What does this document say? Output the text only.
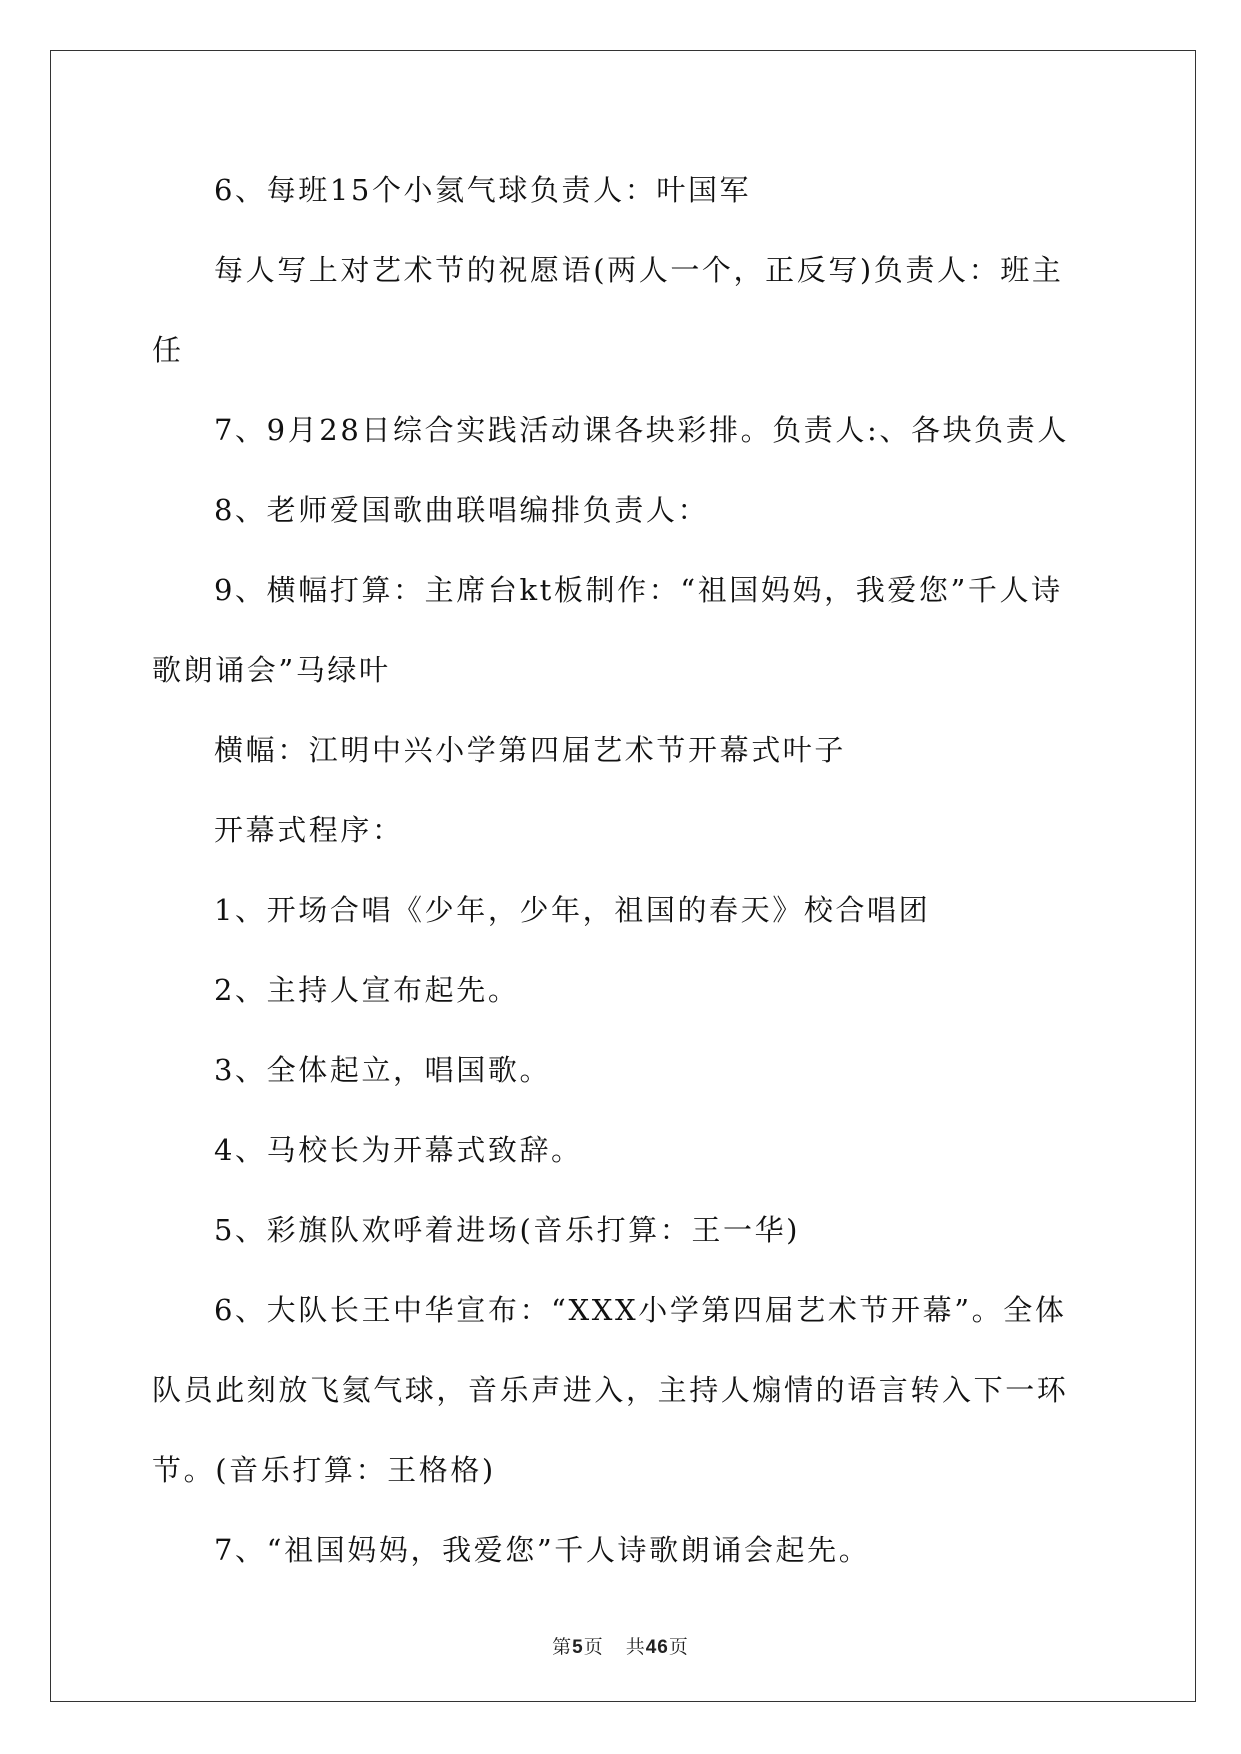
6、每班15个小氦气球负责人：叶国军

每人写上对艺术节的祝愿语(两人一个，正反写)负责人：班主任

7、9月28日综合实践活动课各块彩排。负责人:、各块负责人

8、老师爱国歌曲联唱编排负责人：

9、横幅打算：主席台kt板制作：“祖国妈妈，我爱您”千人诗歌朗诵会”马绿叶

横幅：江明中兴小学第四届艺术节开幕式叶子

开幕式程序：

1、开场合唱《少年，少年，祖国的春天》校合唱团

2、主持人宣布起先。

3、全体起立，唱国歌。

4、马校长为开幕式致辞。

5、彩旗队欢呼着进场(音乐打算：王一华)

6、大队长王中华宣布：“XXX小学第四届艺术节开幕”。全体队员此刻放飞氦气球，音乐声进入，主持人煽情的语言转入下一环节。(音乐打算：王格格)

7、“祖国妈妈，我爱您”千人诗歌朗诵会起先。

第5页 共46页
